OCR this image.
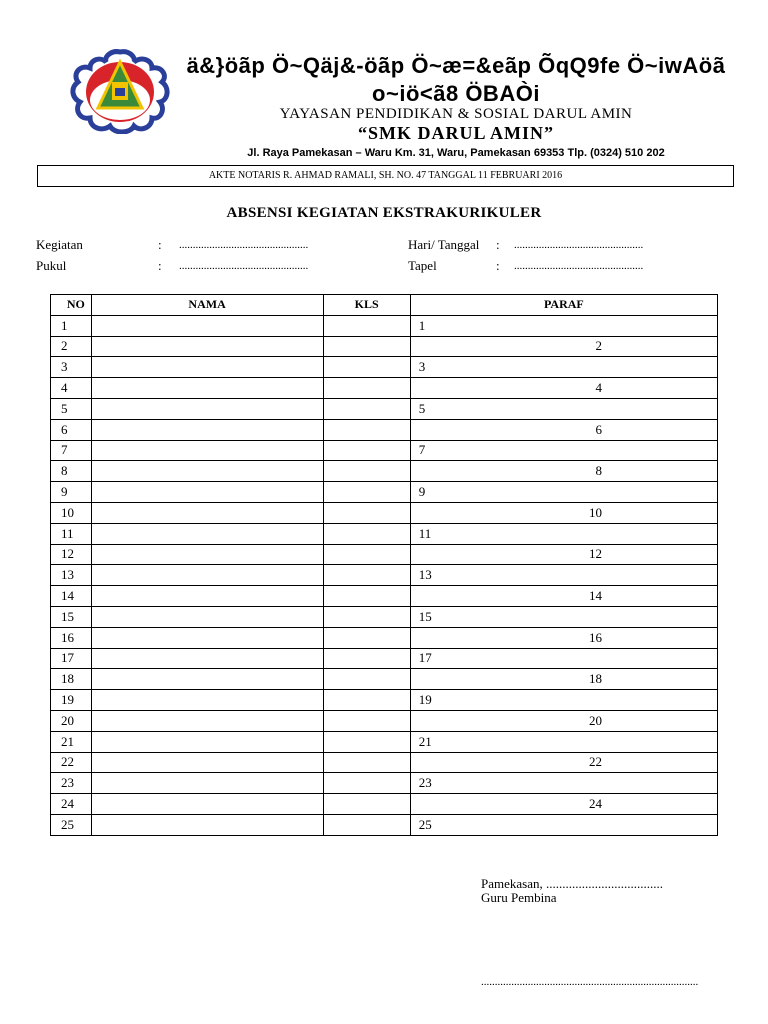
ä&}öãp Ö~Qäj&-öãp Ö~æ=&eãp ÕqQ9fe Ö~iwAöã
o~iö<ã8 ÖBAÒi
YAYASAN PENDIDIKAN & SOSIAL DARUL AMIN
“SMK DARUL AMIN”
Jl. Raya Pamekasan – Waru Km. 31, Waru, Pamekasan 69353 Tlp. (0324) 510 202
AKTE NOTARIS R. AHMAD RAMALI, SH. NO. 47 TANGGAL 11 FEBRUARI 2016
ABSENSI KEGIATAN EKSTRAKURIKULER
Kegiatan	: ...............................................
Pukul	: ...............................................
Hari/ Tanggal : ...............................................
Tapel	: ...............................................
NO	NAMA	KLS	PARAF
1			1
2			2
3			3
4			4
5			5
6			6
7			7
8			8
9			9
10			10
11			11
12			12
13			13
14			14
15			15
16			16
17			17
18			18
19			19
20			20
21			21
22			22
23			23
24			24
25			25
Pamekasan, ....................................
Guru Pembina
...............................................................................
